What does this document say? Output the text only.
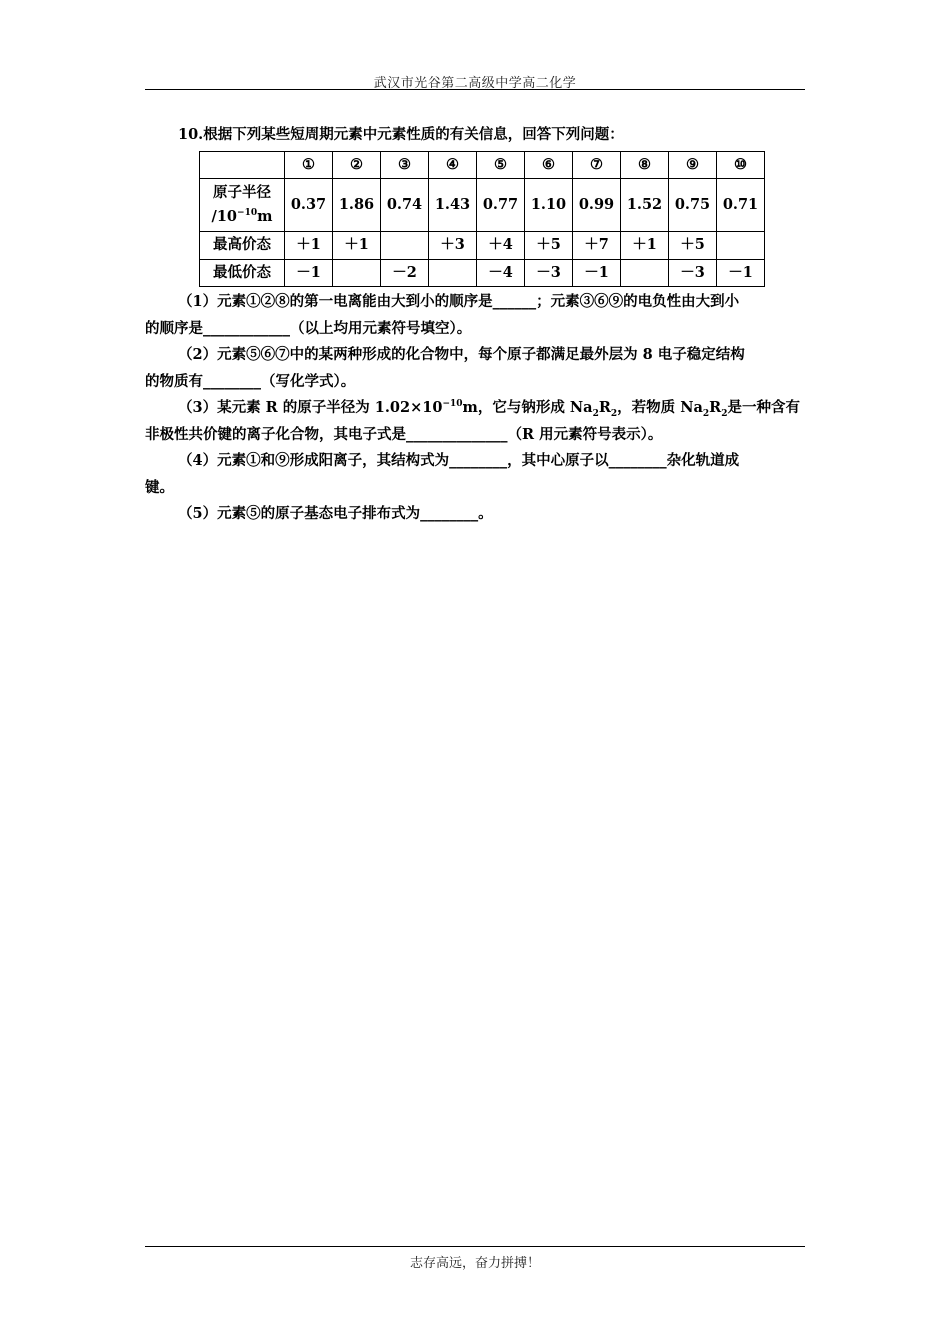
武汉市光谷第二高级中学高二化学

10.根据下列某些短周期元素中元素性质的有关信息，回答下列问题：

	①	②	③	④	⑤	⑥	⑦	⑧	⑨	⑩
原子半径
$/10^{-10}m$	0.37	1.86	0.74	1.43	0.77	1.10	0.99	1.52	0.75	0.71
最高价态	＋1	＋1		＋3	＋4	＋5	＋7	＋1	＋5	
最低价态	－1		－2		－4	－3	－1		－3	－1

（1）元素①②⑧的第一电离能由大到小的顺序是______；元素③⑥⑨的电负性由大到小

的顺序是____________（以上均用元素符号填空）。

（2）元素⑤⑥⑦中的某两种形成的化合物中，每个原子都满足最外层为 8 电子稳定结构

的物质有________（写化学式）。

（3）某元素 R 的原子半径为 $1.02\times 10^{-10}m$，它与钠形成 $Na_2R_2$，若物质 $Na_2R_2$是一种含有

非极性共价键的离子化合物，其电子式是______________（R 用元素符号表示）。

（4）元素①和⑨形成阳离子，其结构式为________，其中心原子以________杂化轨道成

键。

（5）元素⑤的原子基态电子排布式为________。

志存高远，奋力拼搏！
